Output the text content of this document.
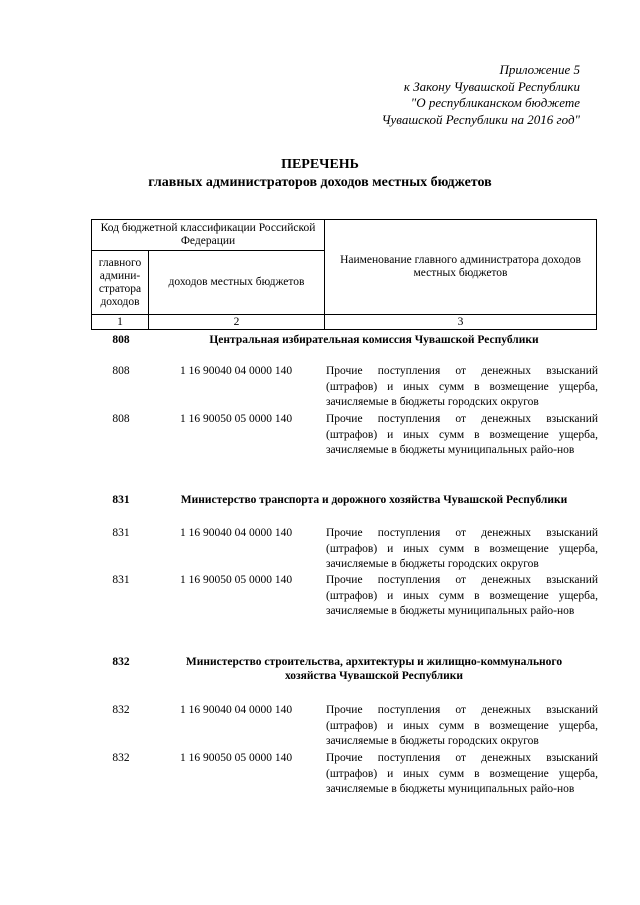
Приложение 5
к Закону Чувашской Республики
"О республиканском бюджете
Чувашской Республики на 2016 год"
ПЕРЕЧЕНЬ
главных администраторов доходов местных бюджетов
Код бюджетной классификации Российской Федерации
главного админи-стратора доходов
доходов местных бюджетов
Наименование главного администратора доходов местных бюджетов
1	2	3
808	Центральная избирательная комиссия Чувашской Республики
808	1 16 90040 04 0000 140	Прочие поступления от денежных взысканий (штрафов) и иных сумм в возмещение ущерба, зачисляемые в бюджеты городских округов
808	1 16 90050 05 0000 140	Прочие поступления от денежных взысканий (штрафов) и иных сумм в возмещение ущерба, зачисляемые в бюджеты муниципальных райо-нов
831	Министерство транспорта и дорожного хозяйства Чувашской Республики
831	1 16 90040 04 0000 140	Прочие поступления от денежных взысканий (штрафов) и иных сумм в возмещение ущерба, зачисляемые в бюджеты городских округов
831	1 16 90050 05 0000 140	Прочие поступления от денежных взысканий (штрафов) и иных сумм в возмещение ущерба, зачисляемые в бюджеты муниципальных райо-нов
832	Министерство строительства, архитектуры и жилищно-коммунального хозяйства Чувашской Республики
832	1 16 90040 04 0000 140	Прочие поступления от денежных взысканий (штрафов) и иных сумм в возмещение ущерба, зачисляемые в бюджеты городских округов
832	1 16 90050 05 0000 140	Прочие поступления от денежных взысканий (штрафов) и иных сумм в возмещение ущерба, зачисляемые в бюджеты муниципальных райо-нов
